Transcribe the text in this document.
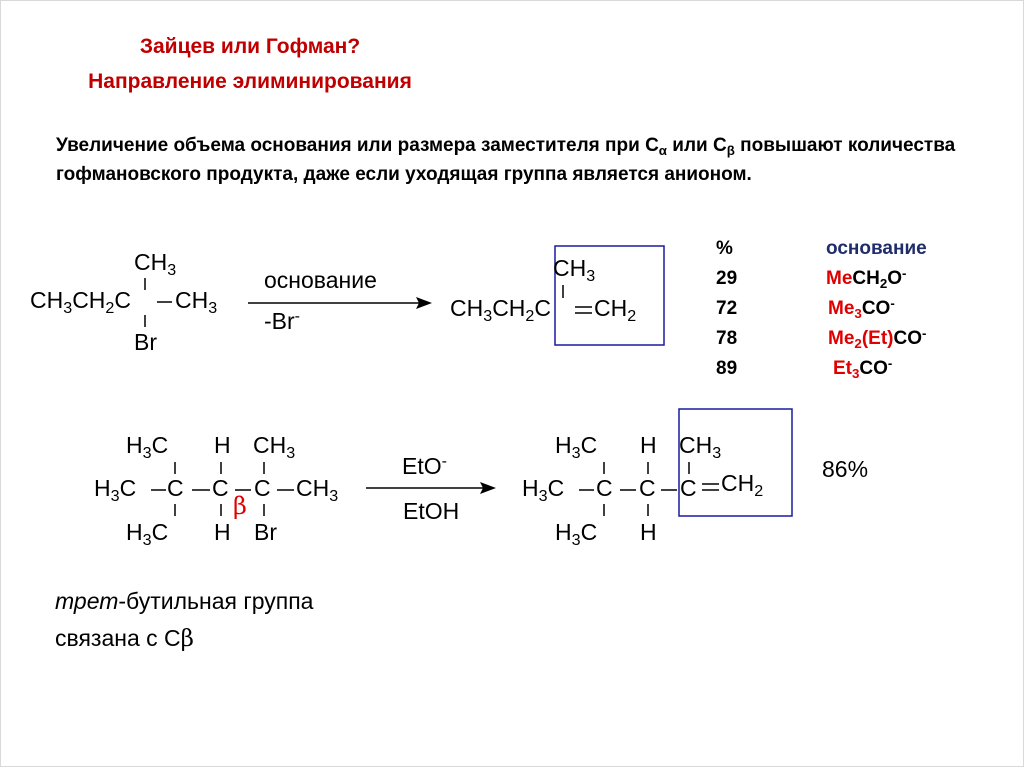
Зайцев или Гофман?
Направление элиминирования
Увеличение объема основания или размера заместителя при $C_\alpha$ или $C_\beta$ повышают количества гофмановского продукта, даже если уходящая группа является анионом.
$CH_3$
$CH_3CH_2C$ $CH_3$
Br
основание
-Br-
$CH_3$
$CH_3CH_2C$ $CH_2$
%	основание
29	MeCH$_2$O-
72	$Me_3CO^-$
78	$Me_2(Et)CO^-$
89	$Et_3CO^-$
$H_3C$ H $CH_3$
$H_3C$ C C C $CH_3$
$H_3C$ H Br
β
EtO-
EtOH
$H_3C$ H $CH_3$
$H_3C$ C C C $CH_2$
$H_3C$ H
86%
трет-бутильная группа
связана с Cβ
